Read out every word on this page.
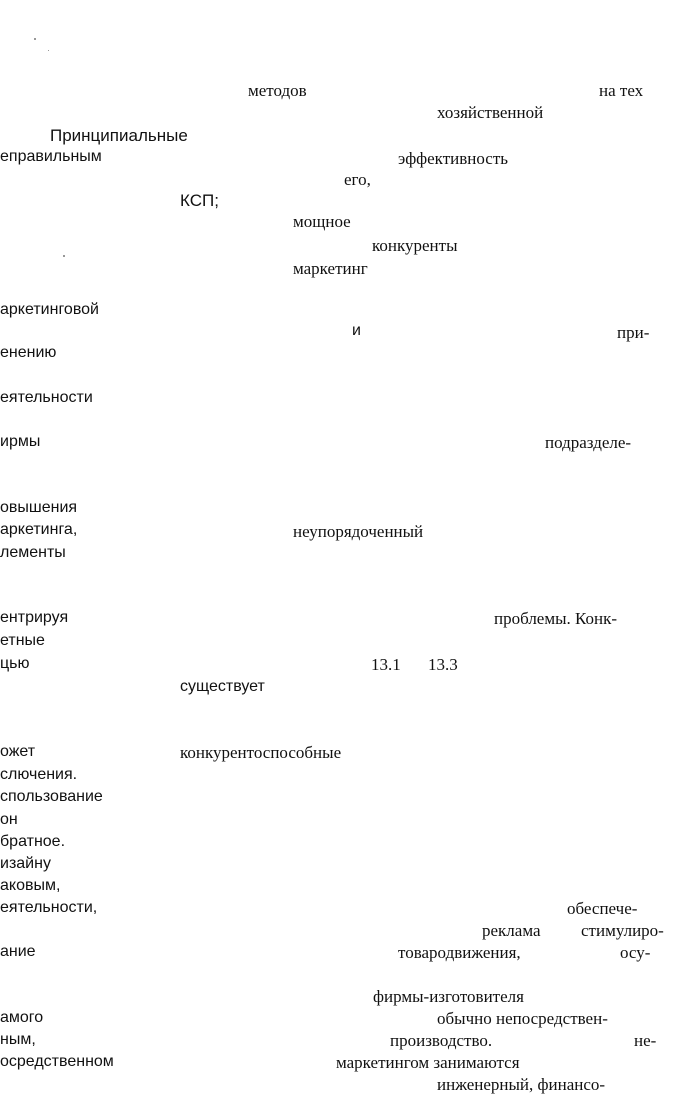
методов	на тех
хозяйственной
Принципиальные
еправильным	эффективность
его,
КСП;
мощное
конкуренты
маркетинг
аркетинговой
и	при-
енению
еятельности
ирмы	подразделе-
овышения
аркетинга,	неупорядоченный
лементы
ентрируя	проблемы. Конк-
етные
цью	13.1 13.3
существует
ожет	конкурентоспособные
слючения.
спользование
он
братное.
изайну
аковым,
еятельности,	обеспече-
реклама стимулиро-
ание	товародвижения,	осу-
фирмы-изготовителя
амого	обычно непосредствен-
ным,	производство.	не-
осредственном	маркетингом занимаются
инженерный, финансо-
